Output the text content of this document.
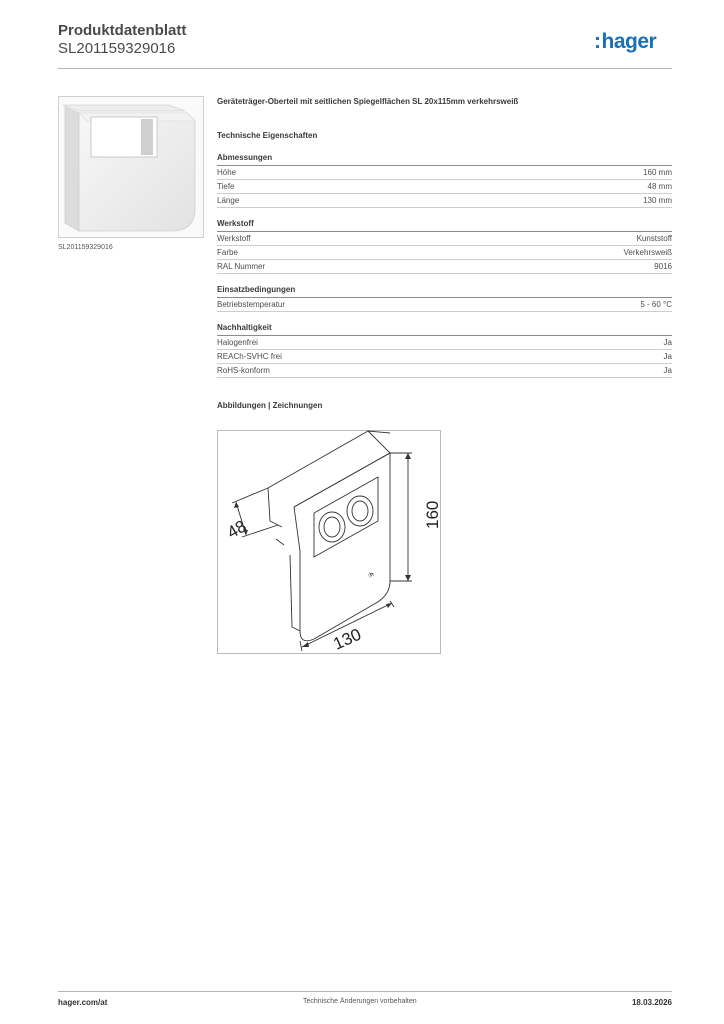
Produktdatenblatt
SL201159329016	:hager
SL201159329016
Geräteträger-Oberteil mit seitlichen Spiegelflächen SL 20x115mm verkehrsweiß
Technische Eigenschaften
Abmessungen
Höhe	160 mm
Tiefe	48 mm
Länge	130 mm
Werkstoff
Werkstoff	Kunststoff
Farbe	Verkehrsweiß
RAL Nummer	9016
Einsatzbedingungen
Betriebstemperatur	5 - 60 °C
Nachhaltigkeit
Halogenfrei	Ja
REACh-SVHC frei	Ja
RoHS-konform	Ja
Abbildungen | Zeichnungen
48
160
130
:h
hager.com/at	Technische Änderungen vorbehalten	18.03.2026
